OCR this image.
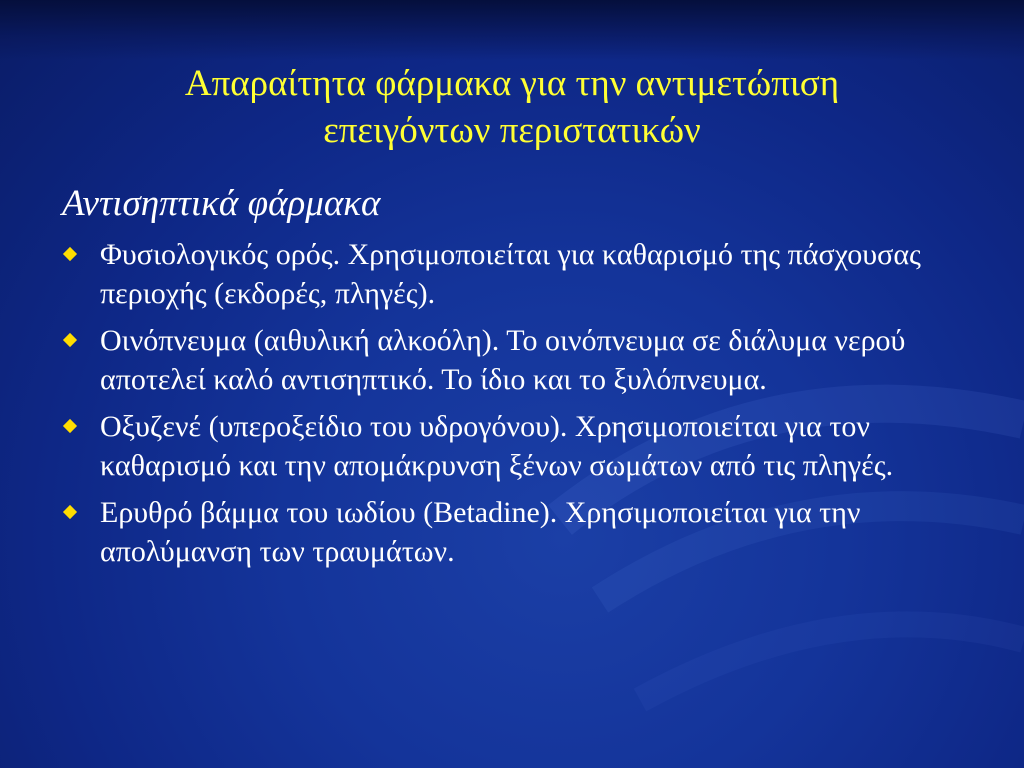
Απαραίτητα φάρμακα για την αντιμετώπιση
επειγόντων περιστατικών
Αντισηπτικά φάρμακα
Φυσιολογικός ορός. Χρησιμοποιείται για καθαρισμό της πάσχουσας περιοχής (εκδορές, πληγές).
Οινόπνευμα (αιθυλική αλκοόλη). Το οινόπνευμα σε διάλυμα νερού αποτελεί καλό αντισηπτικό. Το ίδιο και το ξυλόπνευμα.
Οξυζενέ (υπεροξείδιο του υδρογόνου). Χρησιμοποιείται για τον καθαρισμό και την απομάκρυνση ξένων σωμάτων από τις πληγές.
Ερυθρό βάμμα του ιωδίου (Betadine). Χρησιμοποιείται για την απολύμανση των τραυμάτων.
